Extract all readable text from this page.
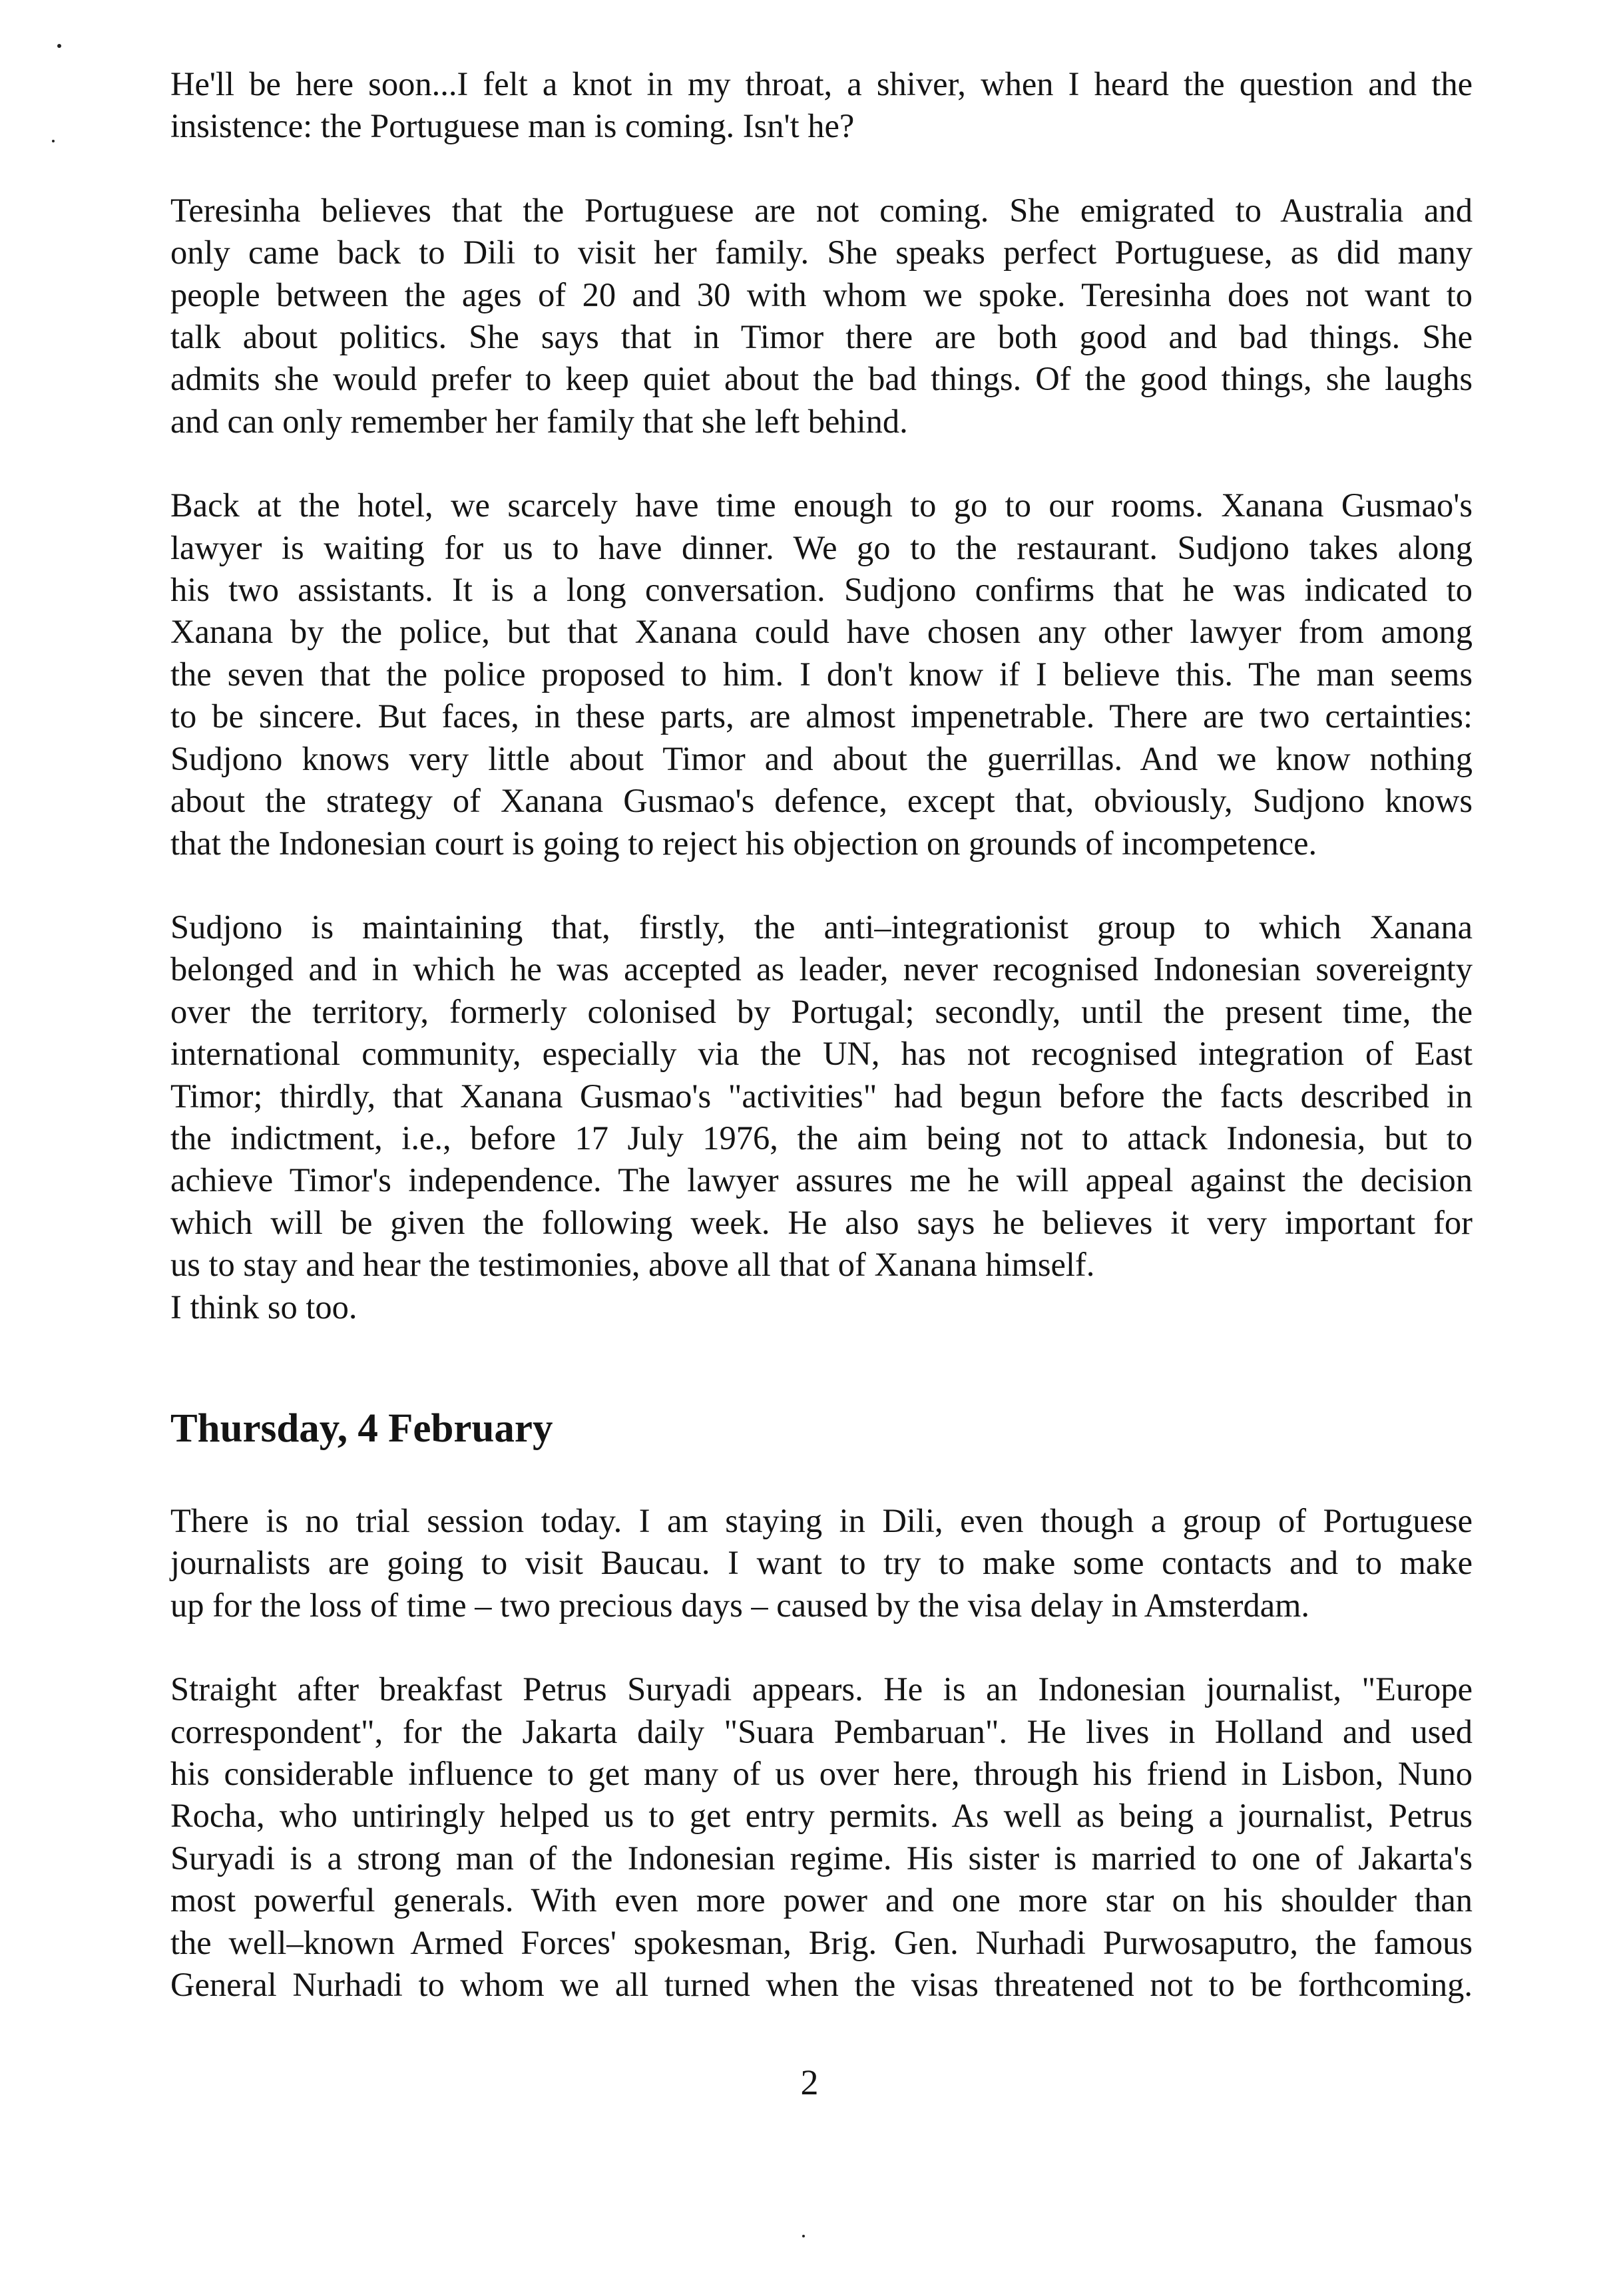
He'll be here soon...I felt a knot in my throat, a shiver, when I heard the question and the
insistence: the Portuguese man is coming. Isn't he?

Teresinha believes that the Portuguese are not coming. She emigrated to Australia and
only came back to Dili to visit her family. She speaks perfect Portuguese, as did many
people between the ages of 20 and 30 with whom we spoke. Teresinha does not want to
talk about politics. She says that in Timor there are both good and bad things. She
admits she would prefer to keep quiet about the bad things. Of the good things, she laughs
and can only remember her family that she left behind.

Back at the hotel, we scarcely have time enough to go to our rooms. Xanana Gusmao's
lawyer is waiting for us to have dinner. We go to the restaurant. Sudjono takes along
his two assistants. It is a long conversation. Sudjono confirms that he was indicated to
Xanana by the police, but that Xanana could have chosen any other lawyer from among
the seven that the police proposed to him. I don't know if I believe this. The man seems
to be sincere. But faces, in these parts, are almost impenetrable. There are two certainties:
Sudjono knows very little about Timor and about the guerrillas. And we know nothing
about the strategy of Xanana Gusmao's defence, except that, obviously, Sudjono knows
that the Indonesian court is going to reject his objection on grounds of incompetence.

Sudjono is maintaining that, firstly, the anti–integrationist group to which Xanana
belonged and in which he was accepted as leader, never recognised Indonesian sovereignty
over the territory, formerly colonised by Portugal; secondly, until the present time, the
international community, especially via the UN, has not recognised integration of East
Timor; thirdly, that Xanana Gusmao's "activities" had begun before the facts described in
the indictment, i.e., before 17 July 1976, the aim being not to attack Indonesia, but to
achieve Timor's independence. The lawyer assures me he will appeal against the decision
which will be given the following week. He also says he believes it very important for
us to stay and hear the testimonies, above all that of Xanana himself.
I think so too.

Thursday, 4 February

There is no trial session today. I am staying in Dili, even though a group of Portuguese
journalists are going to visit Baucau. I want to try to make some contacts and to make
up for the loss of time – two precious days – caused by the visa delay in Amsterdam.

Straight after breakfast Petrus Suryadi appears. He is an Indonesian journalist, "Europe
correspondent", for the Jakarta daily "Suara Pembaruan". He lives in Holland and used
his considerable influence to get many of us over here, through his friend in Lisbon, Nuno
Rocha, who untiringly helped us to get entry permits. As well as being a journalist, Petrus
Suryadi is a strong man of the Indonesian regime. His sister is married to one of Jakarta's
most powerful generals. With even more power and one more star on his shoulder than
the well–known Armed Forces' spokesman, Brig. Gen. Nurhadi Purwosaputro, the famous
General Nurhadi to whom we all turned when the visas threatened not to be forthcoming.

2
